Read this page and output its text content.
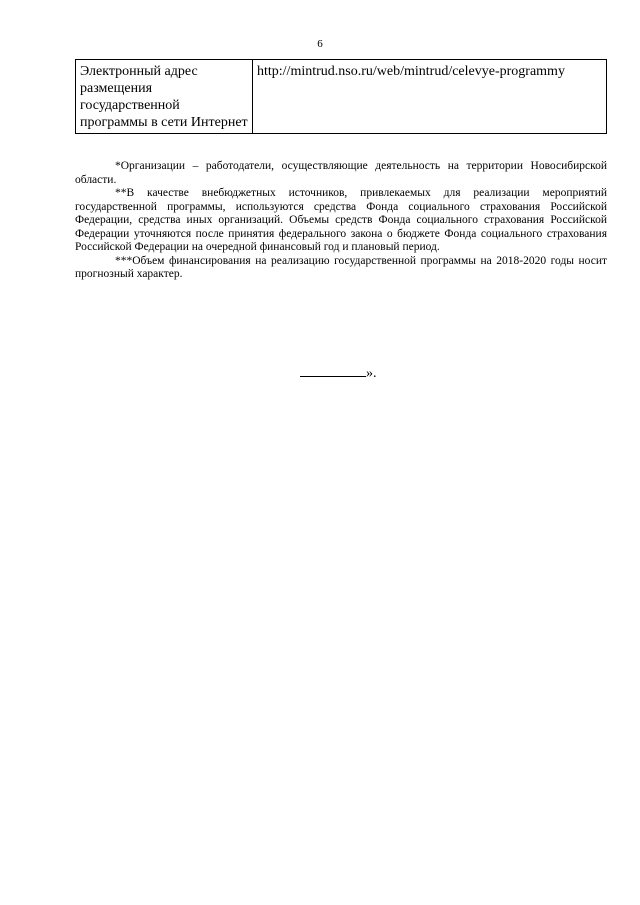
6
Электронный адрес размещения государственной программы в сети Интернет	http://mintrud.nso.ru/web/mintrud/celevye-programmy

*Организации – работодатели, осуществляющие деятельность на территории Новосибирской области.

**В качестве внебюджетных источников, привлекаемых для реализации мероприятий государственной программы, используются средства Фонда социального страхования Российской Федерации, средства иных организаций. Объемы средств Фонда социального страхования Российской Федерации уточняются после принятия федерального закона о бюджете Фонда социального страхования Российской Федерации на очередной финансовый год и плановый период.

***Объем финансирования на реализацию государственной программы на 2018-2020 годы носит прогнозный характер.

».
